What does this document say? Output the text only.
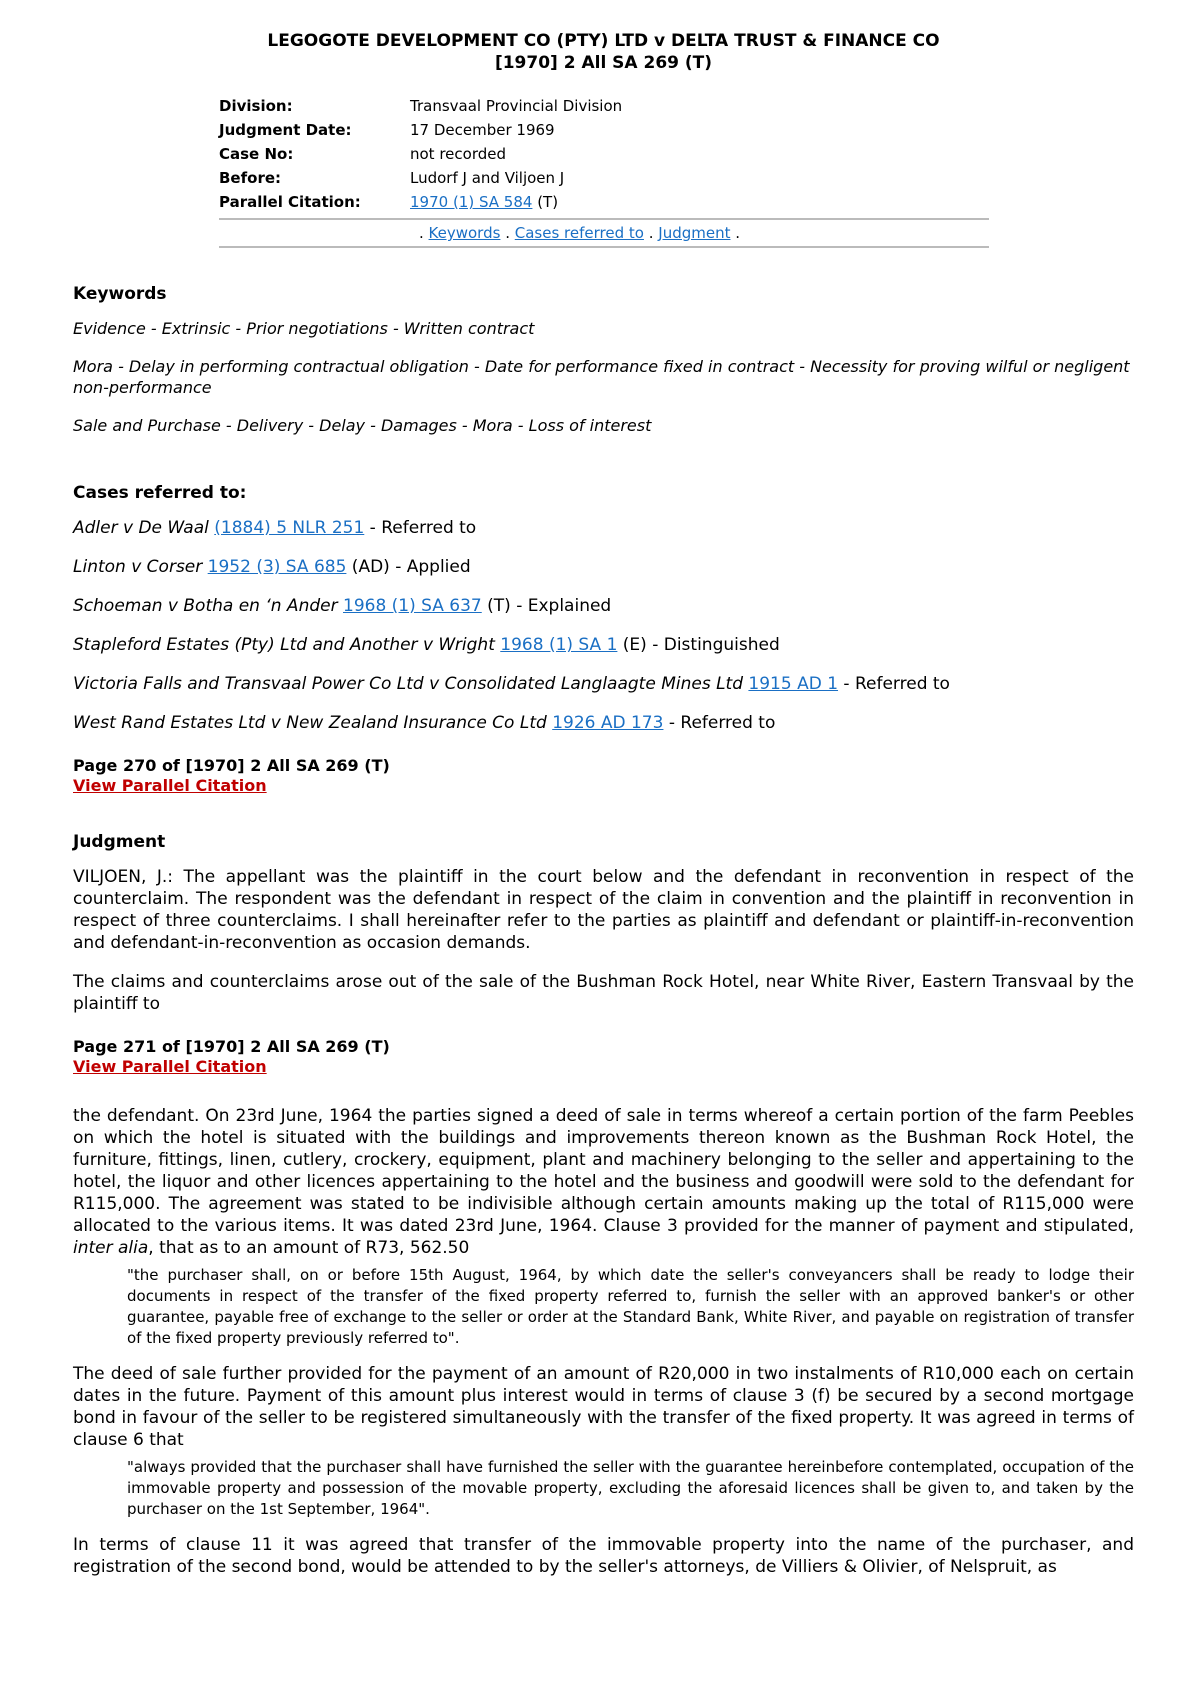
LEGOGOTE DEVELOPMENT CO (PTY) LTD v DELTA TRUST & FINANCE CO
[1970] 2 All SA 269 (T)
Division:	Transvaal Provincial Division
Judgment Date:	17 December 1969
Case No:	not recorded
Before:	Ludorf J and Viljoen J
Parallel Citation:	1970 (1) SA 584 (T)
. Keywords . Cases referred to . Judgment .
Keywords

Evidence - Extrinsic - Prior negotiations - Written contract

Mora - Delay in performing contractual obligation - Date for performance fixed in contract - Necessity for proving wilful or negligent non-performance

Sale and Purchase - Delivery - Delay - Damages - Mora - Loss of interest

Cases referred to:

Adler v De Waal (1884) 5 NLR 251 - Referred to

Linton v Corser 1952 (3) SA 685 (AD) - Applied

Schoeman v Botha en ‘n Ander 1968 (1) SA 637 (T) - Explained

Stapleford Estates (Pty) Ltd and Another v Wright 1968 (1) SA 1 (E) - Distinguished

Victoria Falls and Transvaal Power Co Ltd v Consolidated Langlaagte Mines Ltd 1915 AD 1 - Referred to

West Rand Estates Ltd v New Zealand Insurance Co Ltd 1926 AD 173 - Referred to

Page 270 of [1970] 2 All SA 269 (T)
View Parallel Citation
Judgment

VILJOEN, J.: The appellant was the plaintiff in the court below and the defendant in reconvention in respect of the counterclaim. The respondent was the defendant in respect of the claim in convention and the plaintiff in reconvention in respect of three counterclaims. I shall hereinafter refer to the parties as plaintiff and defendant or plaintiff-in-reconvention and defendant-in-reconvention as occasion demands.

The claims and counterclaims arose out of the sale of the Bushman Rock Hotel, near White River, Eastern Transvaal by the plaintiff to

Page 271 of [1970] 2 All SA 269 (T)
View Parallel Citation

the defendant. On 23rd June, 1964 the parties signed a deed of sale in terms whereof a certain portion of the farm Peebles on which the hotel is situated with the buildings and improvements thereon known as the Bushman Rock Hotel, the furniture, fittings, linen, cutlery, crockery, equipment, plant and machinery belonging to the seller and appertaining to the hotel, the liquor and other licences appertaining to the hotel and the business and goodwill were sold to the defendant for R115,000. The agreement was stated to be indivisible although certain amounts making up the total of R115,000 were allocated to the various items. It was dated 23rd June, 1964. Clause 3 provided for the manner of payment and stipulated, inter alia, that as to an amount of R73, 562.50

"the purchaser shall, on or before 15th August, 1964, by which date the seller's conveyancers shall be ready to lodge their documents in respect of the transfer of the fixed property referred to, furnish the seller with an approved banker's or other guarantee, payable free of exchange to the seller or order at the Standard Bank, White River, and payable on registration of transfer of the fixed property previously referred to".

The deed of sale further provided for the payment of an amount of R20,000 in two instalments of R10,000 each on certain dates in the future. Payment of this amount plus interest would in terms of clause 3 (f) be secured by a second mortgage bond in favour of the seller to be registered simultaneously with the transfer of the fixed property. It was agreed in terms of clause 6 that

"always provided that the purchaser shall have furnished the seller with the guarantee hereinbefore contemplated, occupation of the immovable property and possession of the movable property, excluding the aforesaid licences shall be given to, and taken by the purchaser on the 1st September, 1964".

In terms of clause 11 it was agreed that transfer of the immovable property into the name of the purchaser, and registration of the second bond, would be attended to by the seller's attorneys, de Villiers & Olivier, of Nelspruit, as
